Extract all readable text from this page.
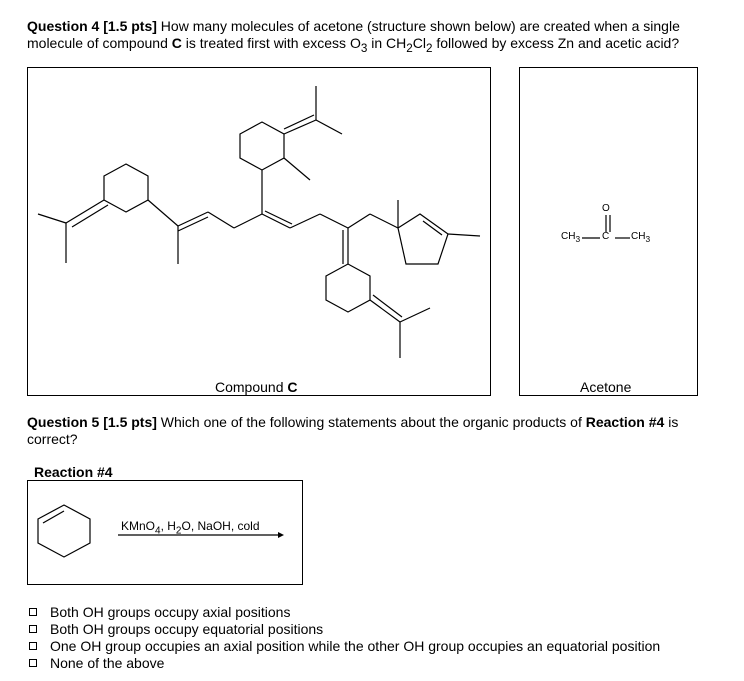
Question 4 [1.5 pts] How many molecules of acetone (structure shown below) are created when a single molecule of compound C is treated first with excess $O_3$ in $CH_2Cl_2$ followed by excess Zn and acetic acid?
Compound C
$CH_3$ C
O
$CH_3$
Acetone
Question 5 [1.5 pts] Which one of the following statements about the organic products of Reaction #4 is correct?
Reaction #4
KMnO$_4$, $H_2O$, NaOH, cold
Both OH groups occupy axial positions
Both OH groups occupy equatorial positions
One OH group occupies an axial position while the other OH group occupies an equatorial position
None of the above
